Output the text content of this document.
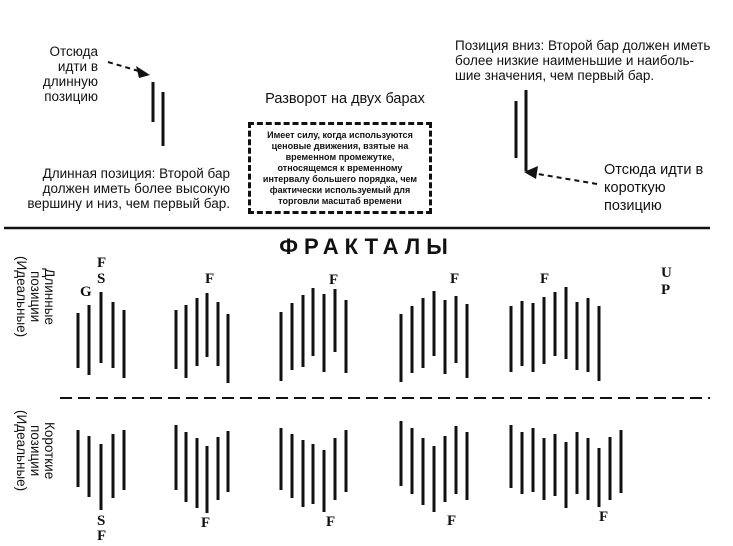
Отсюда
идти в
длинную
позицию
Длинная позиция: Второй бар
должен иметь более высокую
вершину и низ, чем первый бар.
Разворот на двух барах
Имеет силу, когда используются
ценовые движения, взятые на
временном промежутке,
относящемся к временному
интервалу большего порядка, чем
фактически используемый для
торговли масштаб времени
Позиция вниз: Второй бар должен иметь
более низкие наименьшие и наиболь-
шие значения, чем первый бар.
Отсюда идти в
короткую
позицию
ФРАКТАЛЫ
Длинные
позиции
(Идеальные)
Короткие
позиции
(Идеальные)
F
S
G
F	F	F	F	U
P
S
F
F	F	F	F
